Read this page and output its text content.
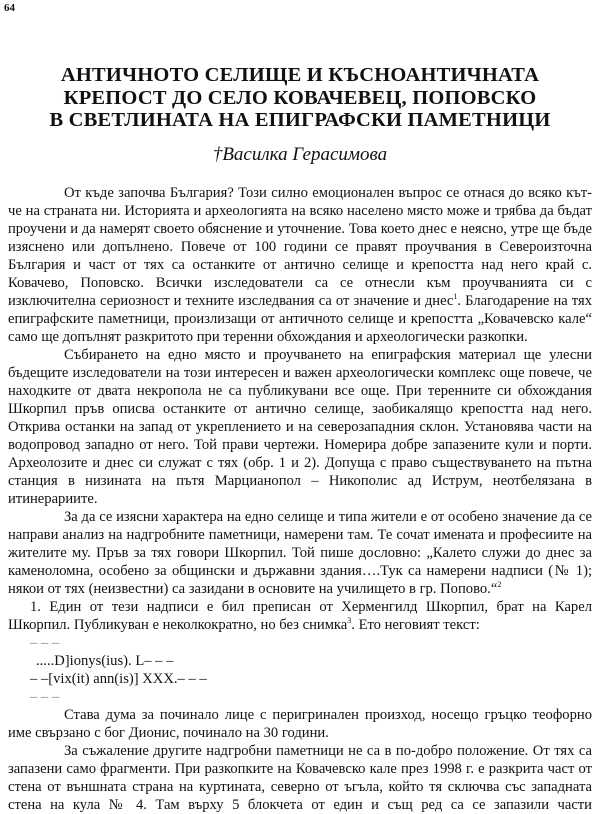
64
АНТИЧНОТО СЕЛИЩЕ И КЪСНОАНТИЧНАТА
КРЕПОСТ ДО СЕЛО КОВАЧЕВЕЦ, ПОПОВСКО
В СВЕТЛИНАТА НА ЕПИГРАФСКИ ПАМЕТНИЦИ
†Василка Герасимова

От къде започва България? Този силно емоционален въпрос се отнася до всяко кът-че на страната ни. Историята и археологията на всяко населено място може и трябва да бъдат проучени и да намерят своето обяснение и уточнение. Това което днес е неясно, утре ще бъде изяснено или допълнено. Повече от 100 години се правят проучвания в Североизточна България и част от тях са останките от антично селище и крепостта над него край с. Ковачево, Поповско. Всички изследователи са се отнесли към проучванията си с изключителна сериозност и техните изследвания са от значение и днес$^1$. Благодарение на тях епиграфските паметници, произлизащи от античното селище и крепостта „Ковачевско кале“ само ще допълнят разкритото при теренни обхождания и археологически разкопки.

Събирането на едно място и проучването на епиграфския материал ще улесни бъдещите изследователи на този интересен и важен археологически комплекс още повече, че находките от двата некропола не са публикувани все още. При теренните си обхождания Шкорпил пръв описва останките от антично селище, заобикалящо крепостта над него. Открива останки на запад от укреплението и на северозападния склон. Установява части на водопровод западно от него. Той прави чертежи. Номерира добре запазените кули и порти. Археолозите и днес си служат с тях (обр. 1 и 2). Допуща с право съществуването на пътна станция в низината на пътя Марцианопол – Никополис ад Иструм, неотбелязана в итинерариите.

За да се изясни характера на едно селище и типа жители е от особено значение да се направи анализ на надгробните паметници, намерени там. Те сочат имената и професиите на жителите му. Пръв за тях говори Шкорпил. Той пише дословно: „Калето служи до днес за каменоломна, особено за общински и държавни здания….Тук са намерени надписи (№ 1); някои от тях (неизвестни) са зазидани в основите на училището в гр. Попово.“$^2$

1. Един от тези надписи е бил преписан от Херменгилд Шкорпил, брат на Карел Шкорпил. Публикуван е неколкократно, но без снимка$^3$. Ето неговият текст:

– – –
.....D]ionys(ius). L– – –
– –[vix(it) ann(is)] XXX.– – –
– – –

Става дума за починало лице с перигринален произход, носещо гръцко теофорно име свързано с бог Дионис, починало на 30 години.

За съжаление другите надгробни паметници не са в по-добро положение. От тях са запазени само фрагменти. При разкопките на Ковачевско кале през 1998 г. е разкрита част от стена от външната страна на куртината, северно от ъгъла, който тя сключва със западната стена на кула № 4. Там върху 5 блокчета от един и същ ред са се запазили части
